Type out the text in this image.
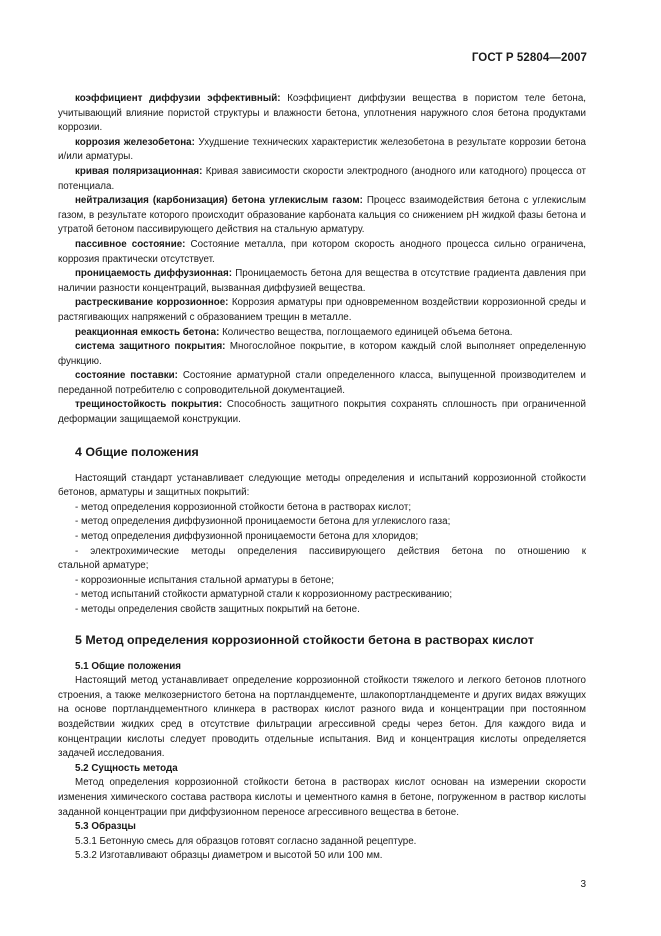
ГОСТ Р 52804—2007

коэффициент диффузии эффективный: Коэффициент диффузии вещества в пористом теле бетона, учитывающий влияние пористой структуры и влажности бетона, уплотнения наружного слоя бетона продуктами коррозии.

коррозия железобетона: Ухудшение технических характеристик железобетона в результате коррозии бетона и/или арматуры.

кривая поляризационная: Кривая зависимости скорости электродного (анодного или катодного) процесса от потенциала.

нейтрализация (карбонизация) бетона углекислым газом: Процесс взаимодействия бетона с углекислым газом, в результате которого происходит образование карбоната кальция со снижением pH жидкой фазы бетона и утратой бетоном пассивирующего действия на стальную арматуру.

пассивное состояние: Состояние металла, при котором скорость анодного процесса сильно ограничена, коррозия практически отсутствует.

проницаемость диффузионная: Проницаемость бетона для вещества в отсутствие градиента давления при наличии разности концентраций, вызванная диффузией вещества.

растрескивание коррозионное: Коррозия арматуры при одновременном воздействии коррозионной среды и растягивающих напряжений с образованием трещин в металле.

реакционная емкость бетона: Количество вещества, поглощаемого единицей объема бетона.

система защитного покрытия: Многослойное покрытие, в котором каждый слой выполняет определенную функцию.

состояние поставки: Состояние арматурной стали определенного класса, выпущенной производителем и переданной потребителю с сопроводительной документацией.

трещиностойкость покрытия: Способность защитного покрытия сохранять сплошность при ограниченной деформации защищаемой конструкции.

4 Общие положения

Настоящий стандарт устанавливает следующие методы определения и испытаний коррозионной стойкости бетонов, арматуры и защитных покрытий:

- метод определения коррозионной стойкости бетона в растворах кислот;

- метод определения диффузионной проницаемости бетона для углекислого газа;

- метод определения диффузионной проницаемости бетона для хлоридов;

- электрохимические методы определения пассивирующего действия бетона по отношению к

стальной арматуре;

- коррозионные испытания стальной арматуры в бетоне;

- метод испытаний стойкости арматурной стали к коррозионному растрескиванию;

- методы определения свойств защитных покрытий на бетоне.

5 Метод определения коррозионной стойкости бетона в растворах кислот

5.1 Общие положения

Настоящий метод устанавливает определение коррозионной стойкости тяжелого и легкого бетонов плотного строения, а также мелкозернистого бетона на портландцементе, шлакопортландцементе и других видах вяжущих на основе портландцементного клинкера в растворах кислот разного вида и концентрации при постоянном воздействии жидких сред в отсутствие фильтрации агрессивной среды через бетон. Для каждого вида и концентрации кислоты следует проводить отдельные испытания. Вид и концентрация кислоты определяется задачей исследования.

5.2 Сущность метода

Метод определения коррозионной стойкости бетона в растворах кислот основан на измерении скорости изменения химического состава раствора кислоты и цементного камня в бетоне, погруженном в раствор кислоты заданной концентрации при диффузионном переносе агрессивного вещества в бетоне.

5.3 Образцы

5.3.1 Бетонную смесь для образцов готовят согласно заданной рецептуре.

5.3.2 Изготавливают образцы диаметром и высотой 50 или 100 мм.

3
